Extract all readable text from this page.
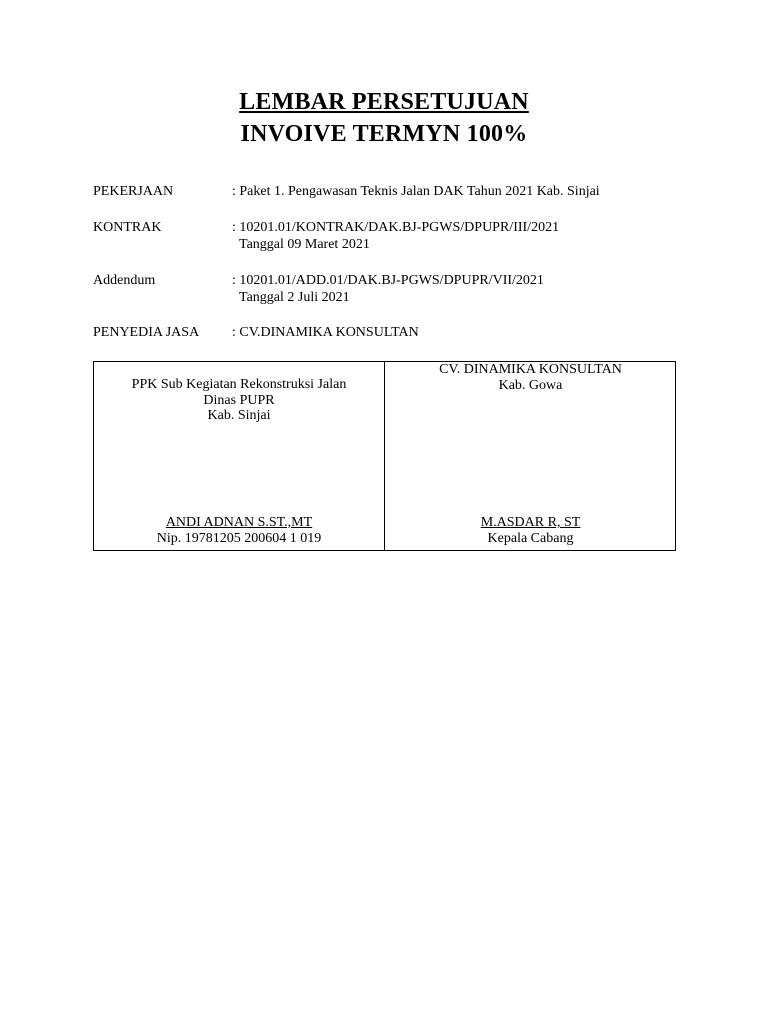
LEMBAR PERSETUJUAN
INVOIVE TERMYN 100%
PEKERJAAN	: Paket 1. Pengawasan Teknis Jalan DAK Tahun 2021 Kab. Sinjai
KONTRAK	: 10201.01/KONTRAK/DAK.BJ-PGWS/DPUPR/III/2021
Tanggal 09 Maret 2021
Addendum	: 10201.01/ADD.01/DAK.BJ-PGWS/DPUPR/VII/2021
Tanggal 2 Juli 2021
PENYEDIA JASA : CV.DINAMIKA KONSULTAN
PPK Sub Kegiatan Rekonstruksi Jalan
Dinas PUPR
Kab. Sinjai
ANDI ADNAN S.ST.,MT
Nip. 19781205 200604 1 019
CV. DINAMIKA KONSULTAN
Kab. Gowa
M.ASDAR R, ST
Kepala Cabang
